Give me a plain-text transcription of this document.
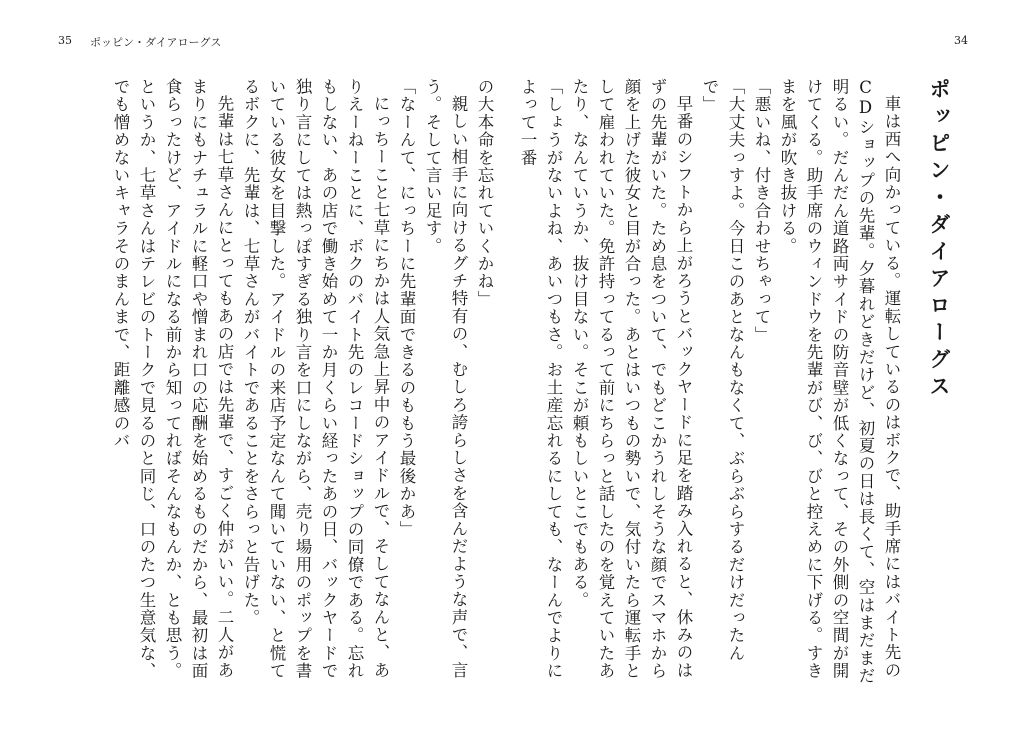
35 ポッピン・ダイアローグス	34
ポッピン・ダイアローグス

車は西へ向かっている。運転しているのはボクで、助手席にはバイト先のCDショップの先輩。夕暮れどきだけど、初夏の日は長くて、空はまだまだ明るい。だんだん道路両サイドの防音壁が低くなって、その外側の空間が開けてくる。助手席のウィンドウを先輩がび、び、びと控えめに下げる。すきまを風が吹き抜ける。

「悪いね、付き合わせちゃって」

「大丈夫っすよ。今日このあとなんもなくて、ぶらぶらするだけだったんで」

早番のシフトから上がろうとバックヤードに足を踏み入れると、休みのはずの先輩がいた。ため息をついて、でもどこかうれしそうな顔でスマホから顔を上げた彼女と目が合った。あとはいつもの勢いで、気付いたら運転手として雇われていた。免許持ってるって前にちらっと話したのを覚えていたあたり、なんていうか、抜け目ない。そこが頼もしいとこでもある。

「しょうがないよね、あいつもさ。お土産忘れるにしても、なーんでよりによって一番

の大本命を忘れていくかね」

親しい相手に向けるグチ特有の、むしろ誇らしさを含んだような声で、言う。そして言い足す。

「なーんて、にっちーに先輩面できるのももう最後かあ」

にっちーこと七草にちかは人気急上昇中のアイドルで、そしてなんと、ありえーねーことに、ボクのバイト先のレコードショップの同僚である。忘れもしない、あの店で働き始めて一か月くらい経ったあの日、バックヤードで独り言にしては熱っぽすぎる独り言を口にしながら、売り場用のポップを書いている彼女を目撃した。アイドルの来店予定なんて聞いていない、と慌てるボクに、先輩は、七草さんがバイトであることをさらっと告げた。

先輩は七草さんにとってもあの店では先輩で、すごく仲がいい。二人があまりにもナチュラルに軽口や憎まれ口の応酬を始めるものだから、最初は面食らったけど、アイドルになる前から知ってればそんなもんか、とも思う。というか、七草さんはテレビのトークで見るのと同じ、口のたつ生意気な、でも憎めないキャラそのまんまで、距離感のバ
